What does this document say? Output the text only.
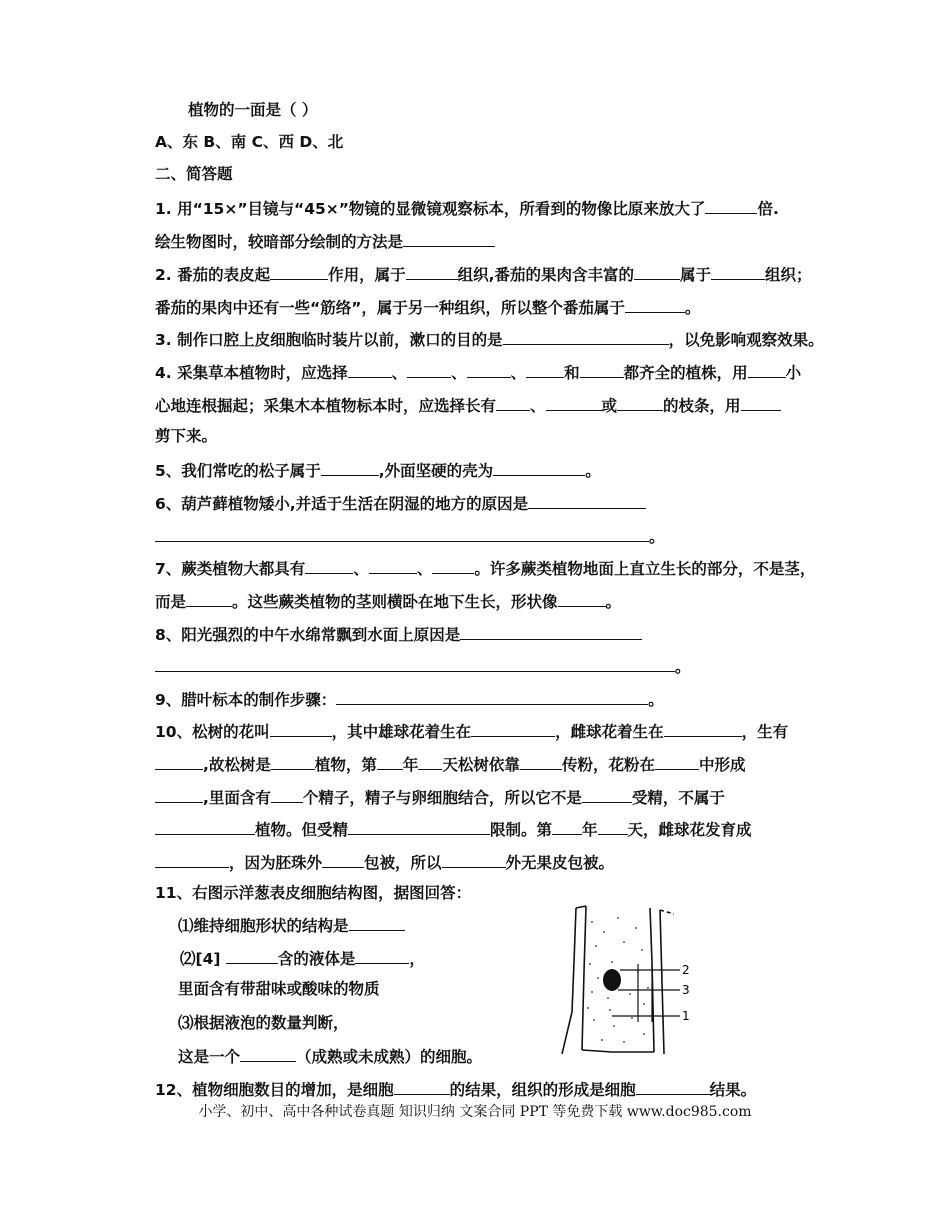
植物的一面是（ ）
A、东 B、南 C、西 D、北
二、简答题
1. 用“15×”目镜与“45×”物镜的显微镜观察标本，所看到的物像比原来放大了	倍.
绘生物图时，较暗部分绘制的方法是
2. 番茄的表皮起	作用，属于	组织,番茄的果肉含丰富的	属于	组织；
番茄的果肉中还有一些“筋络”，属于另一种组织，所以整个番茄属于	。
3. 制作口腔上皮细胞临时装片以前，漱口的目的是	，以免影响观察效果。
4. 采集草本植物时，应选择	、	、	、 和	都齐全的植株，用 小
心地连根掘起；采集木本植物标本时，应选择长有 、	或	的枝条，用
剪下来。
5、我们常吃的松子属于	,外面坚硬的壳为	。
6、葫芦藓植物矮小,并适于生活在阴湿的地方的原因是
。
7、蕨类植物大都具有	、	、	。许多蕨类植物地面上直立生长的部分，不是茎，
而是	。这些蕨类植物的茎则横卧在地下生长，形状像	。
8、阳光强烈的中午水绵常飘到水面上原因是
。
9、腊叶标本的制作步骤：	。
10、松树的花叫	，其中雄球花着生在	，雌球花着生在	，生有
,故松树是	植物，第 年 天松树依靠	传粉，花粉在	中形成
,里面含有 个精子，精子与卵细胞结合，所以它不是	受精，不属于
植物。但受精	限制。第 年 天，雌球花发育成
，因为胚珠外	包被，所以	外无果皮包被。
11、右图示洋葱表皮细胞结构图，据图回答：
⑴维持细胞形状的结构是
⑵[4]	含的液体是	，
里面含有带甜味或酸味的物质
⑶根据液泡的数量判断，
这是一个	（成熟或未成熟）的细胞。
2
3
1
12、植物细胞数目的增加，是细胞	的结果，组织的形成是细胞	结果。
小学、初中、高中各种试卷真题 知识归纳 文案合同 PPT 等免费下载 www.doc985.com
